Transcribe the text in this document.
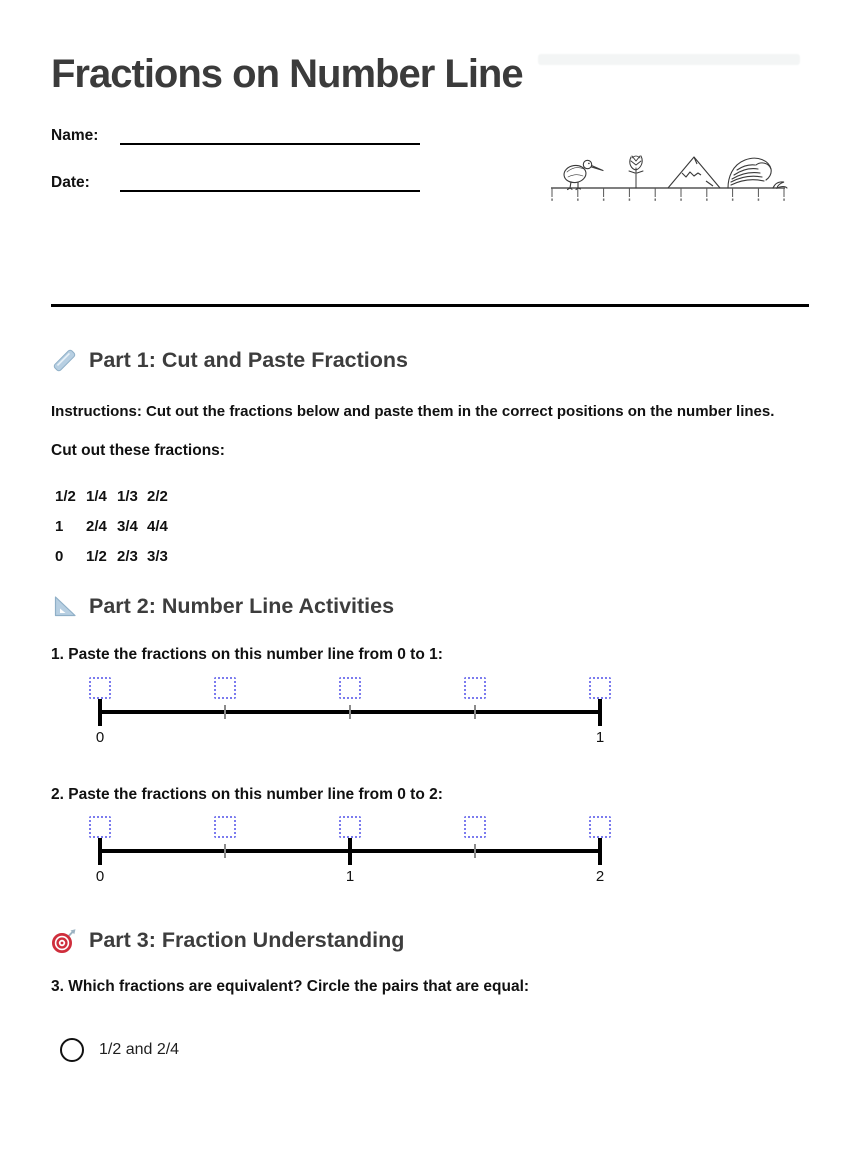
Fractions on Number Line
Name:
Date:
Part 1: Cut and Paste Fractions
Instructions: Cut out the fractions below and paste them in the correct positions on the number lines.
Cut out these fractions:
1/2 1/4 1/3 2/2
1	2/4 3/4 4/4
0	1/2 2/3 3/3
Part 2: Number Line Activities
1. Paste the fractions on this number line from 0 to 1:
0	1
2. Paste the fractions on this number line from 0 to 2:
0	1	2
Part 3: Fraction Understanding
3. Which fractions are equivalent? Circle the pairs that are equal:
1/2 and 2/4
